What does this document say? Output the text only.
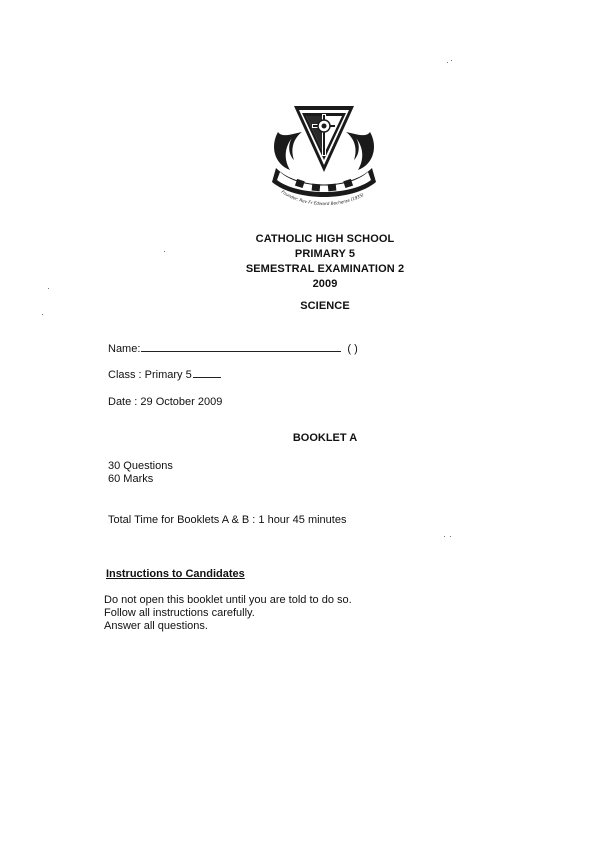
Founder: Rev Fr Edward Becheras (1935)
CATHOLIC HIGH SCHOOL
PRIMARY 5
SEMESTRAL EXAMINATION 2
2009
SCIENCE
Name:	( )
Class : Primary 5
Date : 29 October 2009
BOOKLET A
30 Questions
60 Marks
Total Time for Booklets A & B : 1 hour 45 minutes
Instructions to Candidates
Do not open this booklet until you are told to do so.
Follow all instructions carefully.
Answer all questions.
